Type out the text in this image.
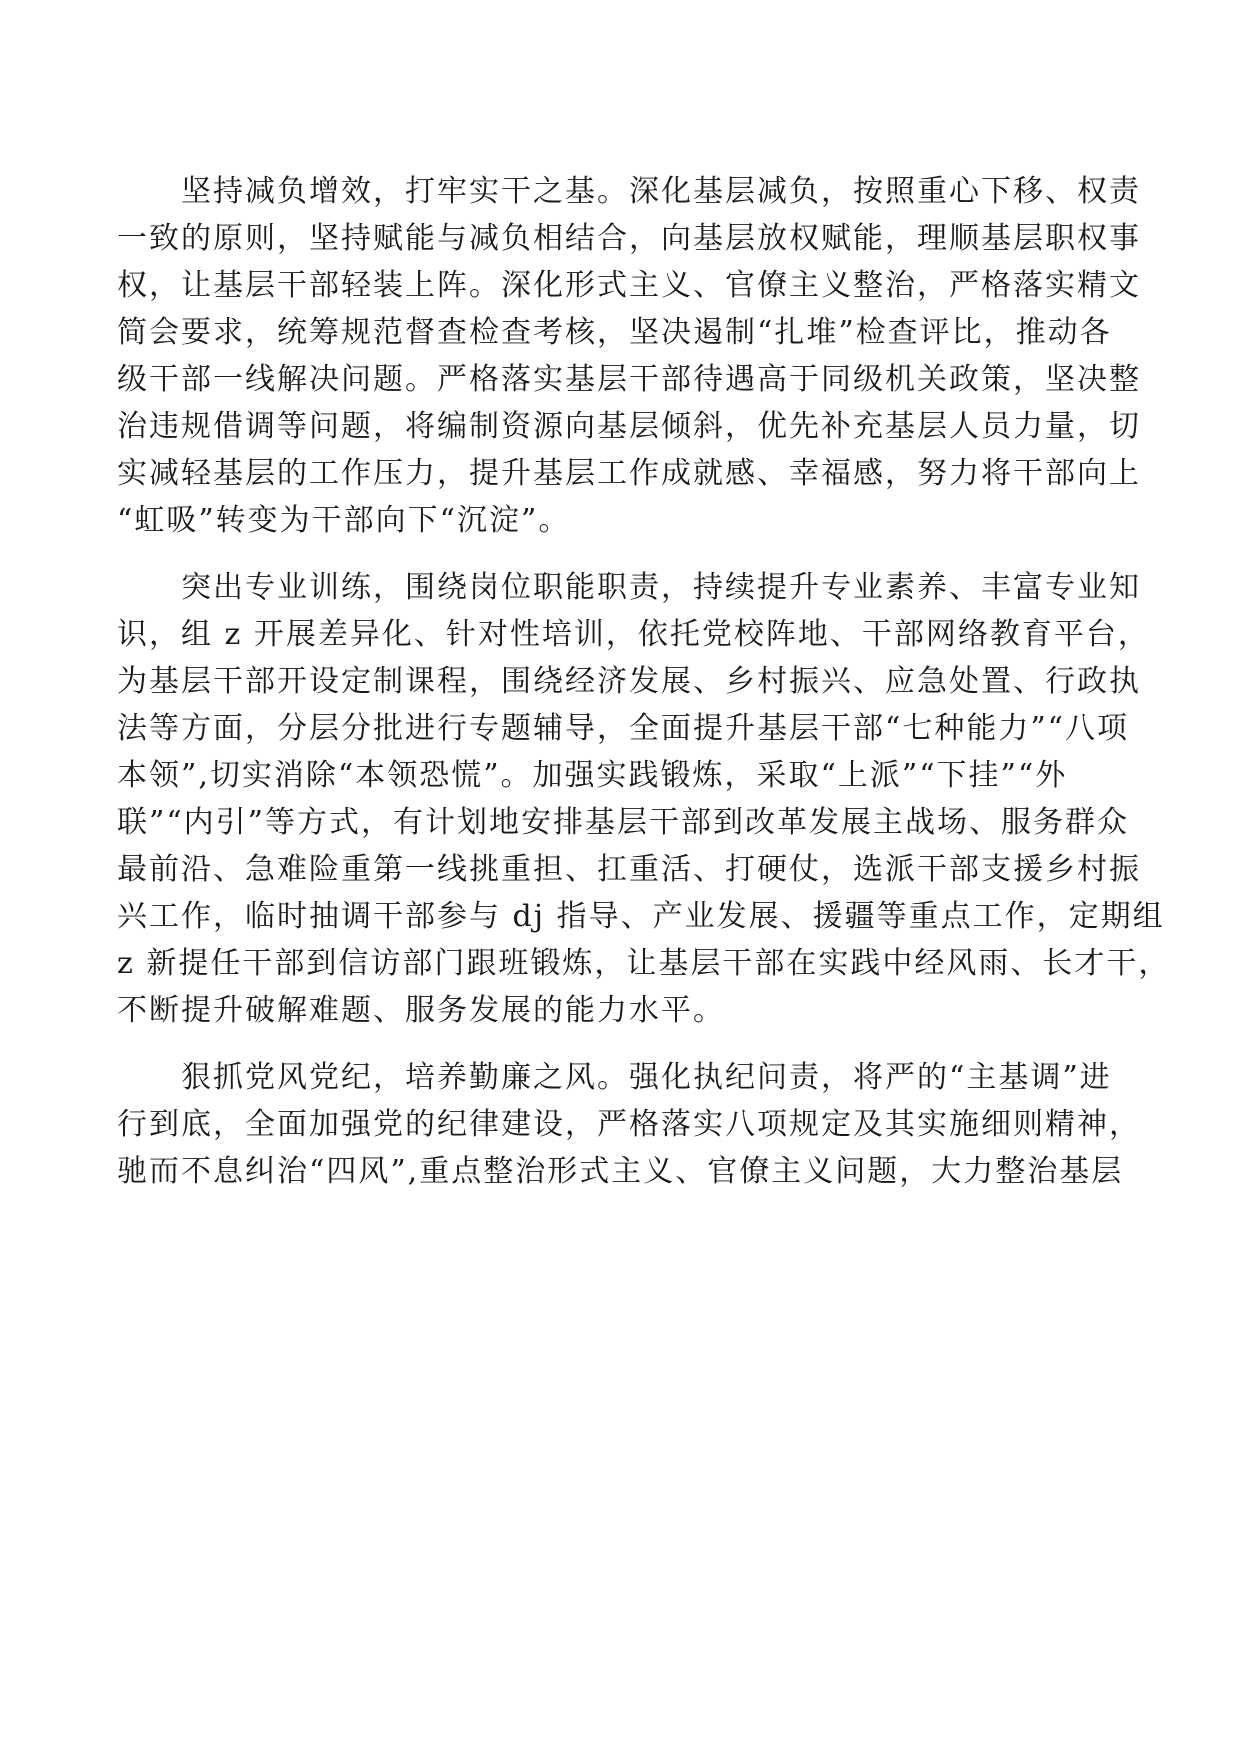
　　坚持减负增效，打牢实干之基。深化基层减负，按照重心下移、权责
一致的原则，坚持赋能与减负相结合，向基层放权赋能，理顺基层职权事
权，让基层干部轻装上阵。深化形式主义、官僚主义整治，严格落实精文
简会要求，统筹规范督查检查考核，坚决遏制“扎堆”检查评比，推动各
级干部一线解决问题。严格落实基层干部待遇高于同级机关政策，坚决整
治违规借调等问题，将编制资源向基层倾斜，优先补充基层人员力量，切
实减轻基层的工作压力，提升基层工作成就感、幸福感，努力将干部向上
“虹吸”转变为干部向下“沉淀”。
　　突出专业训练，围绕岗位职能职责，持续提升专业素养、丰富专业知
识，组 z 开展差异化、针对性培训，依托党校阵地、干部网络教育平台，
为基层干部开设定制课程，围绕经济发展、乡村振兴、应急处置、行政执
法等方面，分层分批进行专题辅导，全面提升基层干部“七种能力”“八项
本领”,切实消除“本领恐慌”。加强实践锻炼，采取“上派”“下挂”“外
联”“内引”等方式，有计划地安排基层干部到改革发展主战场、服务群众
最前沿、急难险重第一线挑重担、扛重活、打硬仗，选派干部支援乡村振
兴工作，临时抽调干部参与 dj 指导、产业发展、援疆等重点工作，定期组
z 新提任干部到信访部门跟班锻炼，让基层干部在实践中经风雨、长才干，
不断提升破解难题、服务发展的能力水平。
　　狠抓党风党纪，培养勤廉之风。强化执纪问责，将严的“主基调”进
行到底，全面加强党的纪律建设，严格落实八项规定及其实施细则精神，
驰而不息纠治“四风”,重点整治形式主义、官僚主义问题，大力整治基层
